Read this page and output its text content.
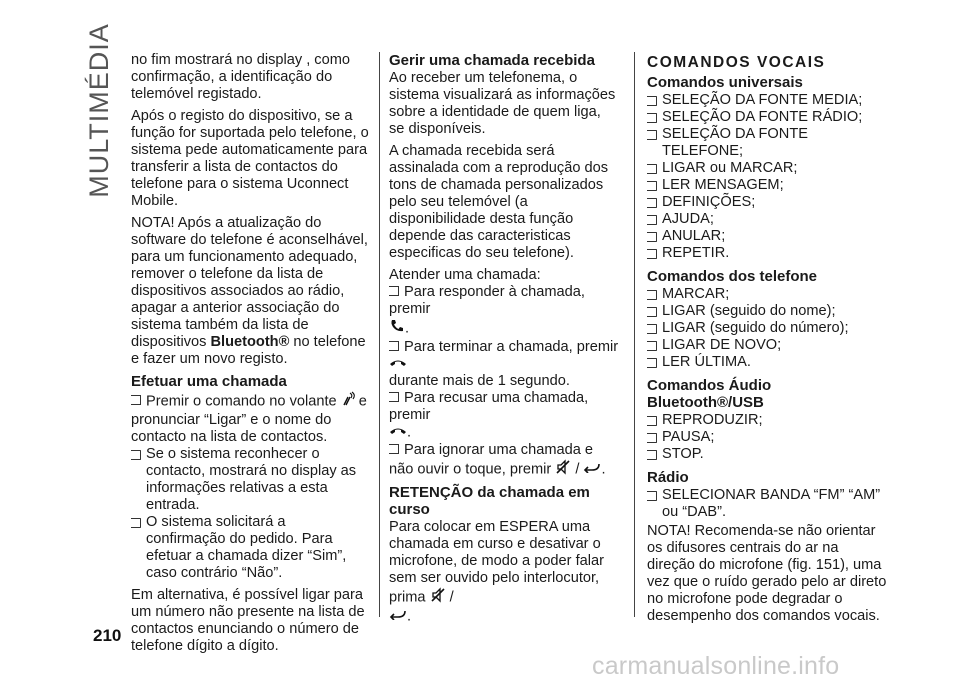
MULTIMÉDIA
210
carmanualsonline.info

no fim mostrará no display , como confirmação, a identificação do telemóvel registado.

Após o registo do dispositivo, se a função for suportada pelo telefone, o sistema pede automaticamente para transferir a lista de contactos do telefone para o sistema Uconnect Mobile.

NOTA! Após a atualização do software do telefone é aconselhável, para um funcionamento adequado, remover o telefone da lista de dispositivos associados ao rádio, apagar a anterior associação do sistema também da lista de dispositivos Bluetooth® no telefone e fazer um novo registo.

Efetuar uma chamada
Premir o comando no volante  e pronunciar “Ligar” e o nome do contacto na lista de contactos.
Se o sistema reconhecer o contacto, mostrará no display as informações relativas a esta entrada.
O sistema solicitará a confirmação do pedido. Para efetuar a chamada dizer “Sim”, caso contrário “Não”.

Em alternativa, é possível ligar para um número não presente na lista de contactos enunciando o número de telefone dígito a dígito.

Gerir uma chamada recebida

Ao receber um telefonema, o sistema visualizará as informações sobre a identidade de quem liga, se disponíveis.

A chamada recebida será assinalada com a reprodução dos tons de chamada personalizados pelo seu telemóvel (a disponibilidade desta função depende das caracteristicas especificas do seu telefone).

Atender uma chamada:

Para responder à chamada, premir
.
Para terminar a chamada, premir
durante mais de 1 segundo.
Para recusar uma chamada, premir
.
Para ignorar uma chamada e não ouvir o toque, premir  / .
RETENÇÃO da chamada em curso

Para colocar em ESPERA uma chamada em curso e desativar o microfone, de modo a poder falar sem ser ouvido pelo interlocutor, prima  /
.

COMANDOS VOCAIS
Comandos universais
SELEÇÃO DA FONTE MEDIA;
SELEÇÃO DA FONTE RÁDIO;
SELEÇÃO DA FONTE TELEFONE;
LIGAR ou MARCAR;
LER MENSAGEM;
DEFINIÇÕES;
AJUDA;
ANULAR;
REPETIR.
Comandos dos telefone
MARCAR;
LIGAR (seguido do nome);
LIGAR (seguido do número);
LIGAR DE NOVO;
LER ÚLTIMA.
Comandos Áudio Bluetooth®/USB
REPRODUZIR;
PAUSA;
STOP.
Rádio
SELECIONAR BANDA “FM” “AM” ou “DAB”.

NOTA! Recomenda-se não orientar os difusores centrais do ar na direção do microfone (fig. 151), uma vez que o ruído gerado pelo ar direto no microfone pode degradar o desempenho dos comandos vocais.
